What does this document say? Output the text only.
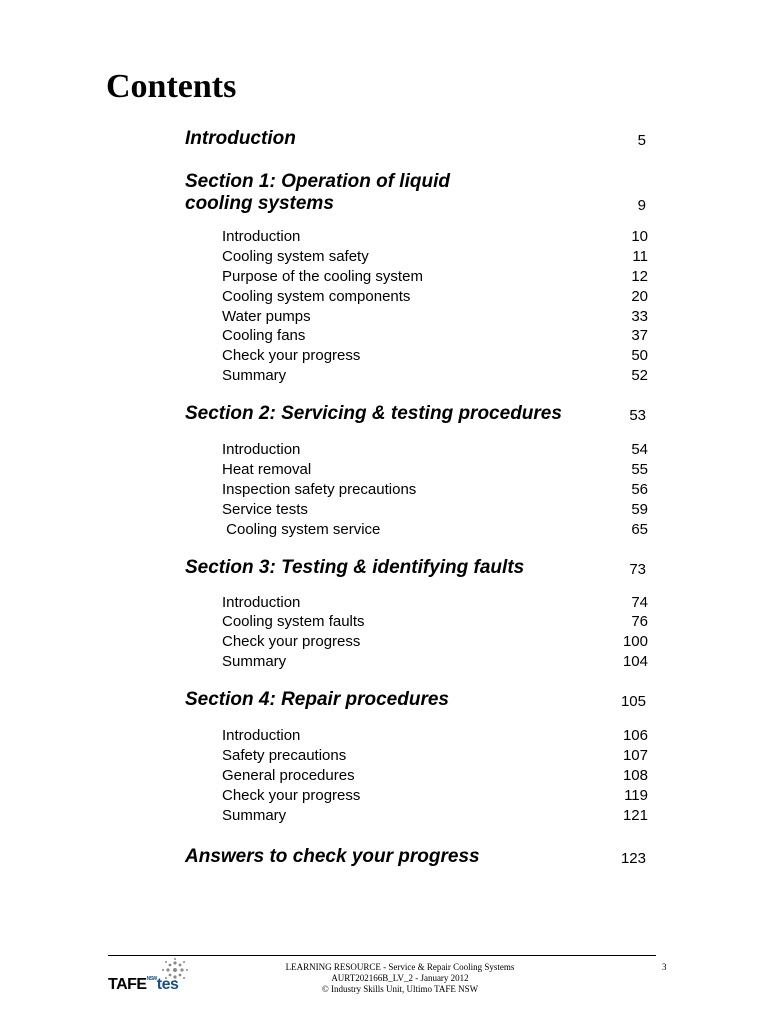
Contents
Introduction	5
Section 1: Operation of liquid
cooling systems	9
Introduction	10
Cooling system safety	11
Purpose of the cooling system	12
Cooling system components	20
Water pumps	33
Cooling fans	37
Check your progress	50
Summary	52
Section 2: Servicing & testing procedures	53
Introduction	54
Heat removal	55
Inspection safety precautions	56
Service tests	59
Cooling system service	65
Section 3: Testing & identifying faults	73
Introduction	74
Cooling system faults	76
Check your progress	100
Summary	104
Section 4: Repair procedures	105
Introduction	106
Safety precautions	107
General procedures	108
Check your progress	119
Summary	121
Answers to check your progress	123
$TAFE^{NSW}tes$
LEARNING RESOURCE - Service & Repair Cooling Systems
AURT202166B_LV_2 - January 2012
© Industry Skills Unit, Ultimo TAFE NSW
3
